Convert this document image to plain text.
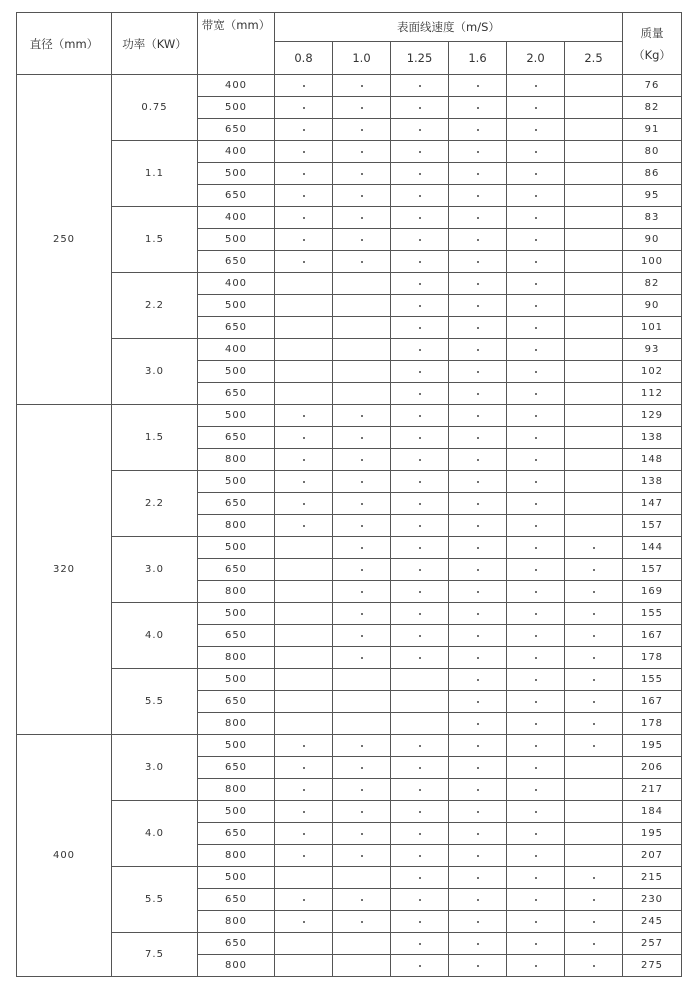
直径（mm）	功率（KW）	带宽（mm）	表面线速度（m/S）						质量
（Kg）

			0.8	1.0	1.25	1.6	2.0	2.5	
250	0.75	400							76
		500							82
		650							91
	1.1	400							80
		500							86
		650							95
	1.5	400							83
		500							90
		650							100
	2.2	400							82
		500							90
		650							101
	3.0	400							93
		500							102
		650							112
320	1.5	500							129
		650							138
		800							148
	2.2	500							138
		650							147
		800							157
	3.0	500							144
		650							157
		800							169
	4.0	500							155
		650							167
		800							178
	5.5	500							155
		650							167
		800							178
400	3.0	500							195
		650							206
		800							217
	4.0	500							184
		650							195
		800							207
	5.5	500							215
		650							230
		800							245
	7.5	650							257
		800							275
